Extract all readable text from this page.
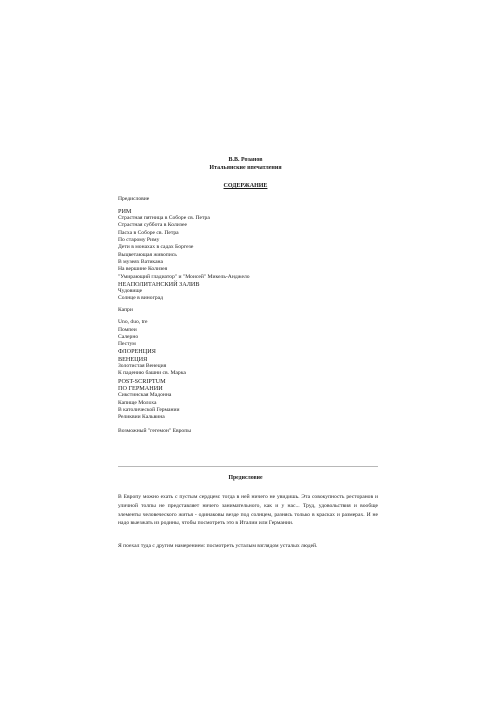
В.В. Розанов
Итальянские впечатления
СОДЕРЖАНИЕ
Предисловие
РИМ
Страстная пятница в Соборе св. Петра
Страстная суббота в Колизее
Пасха в Соборе св. Петра
По старому Риму
Дети в монахах в садах Боргезе
Выцветающая живопись
В музеях Ватикана
На вершине Колизея
"Умирающий гладиатор" и "Моисей" Микель-Анджело
НЕАПОЛИТАНСКИЙ ЗАЛИВ
Чудовище
Солнце в виноград
Капри
Uno, duo, tre
Помпеи
Салерно
Пестум
ФЛОРЕНЦИЯ
ВЕНЕЦИЯ
Золотистая Венеция
К падению башни св. Марка
POST-SCRIPTUM
ПО ГЕРМАНИИ
Сикстинская Мадонна
Капище Молоха
В католической Германии
Реликвии Кальвина
Возможный "гегемон" Европы
Предисловие

В Европу можно ехать с пустым сердцем: тогда в ней ничего не увидишь. Эта совокупность ресторанов и уличной толпы не представляет ничего занимательного, как и у нас... Труд, удовольствия и вообще элементы человеческого житья - одинаковы везде под солнцем, разнясь только в красках и размерах. И не надо выезжать из родины, чтобы посмотреть это в Италии или Германии.

Я поехал туда с другим намерением: посмотреть усталым взглядом усталых людей.
